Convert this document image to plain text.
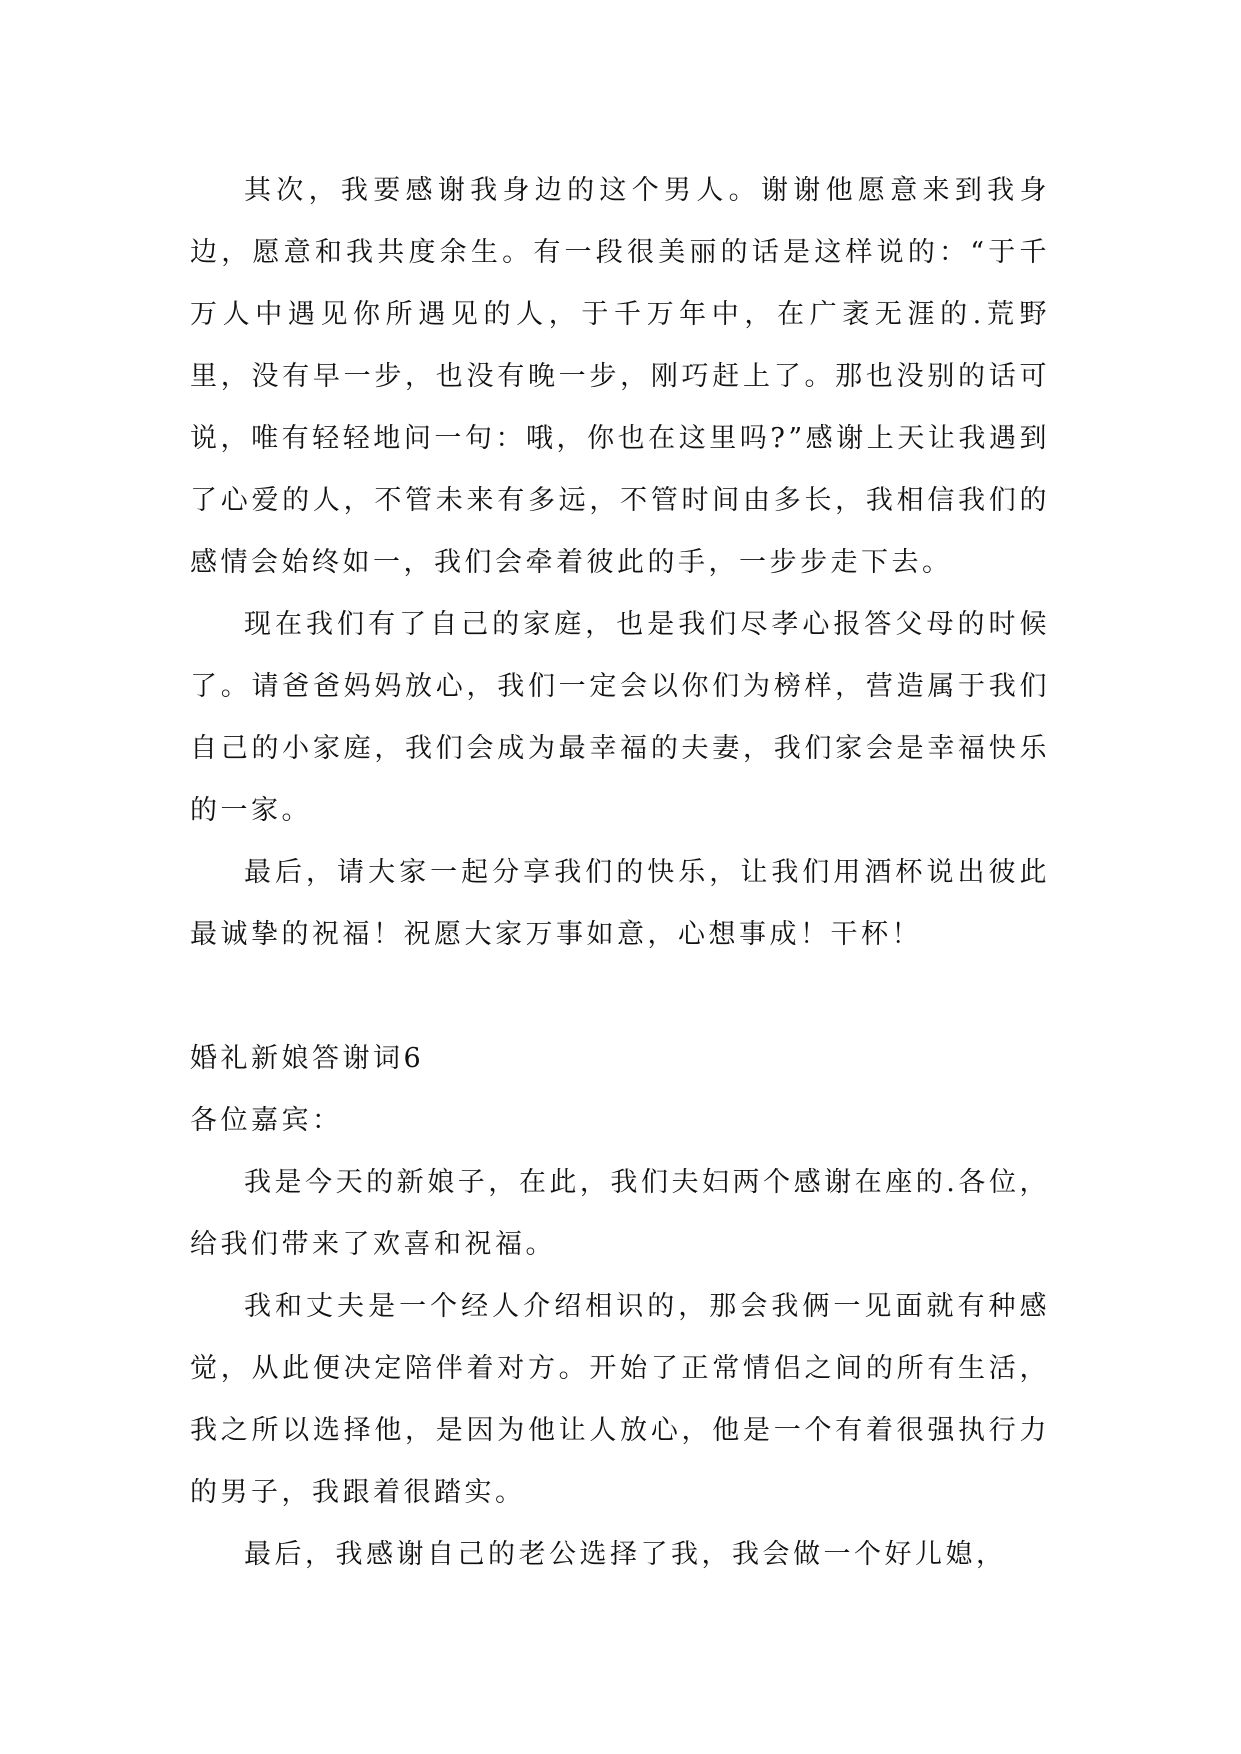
其次，我要感谢我身边的这个男人。谢谢他愿意来到我身边，愿意和我共度余生。有一段很美丽的话是这样说的：“于千万人中遇见你所遇见的人，于千万年中，在广袤无涯的.荒野里，没有早一步，也没有晚一步，刚巧赶上了。那也没别的话可说，唯有轻轻地问一句：哦，你也在这里吗?”感谢上天让我遇到了心爱的人，不管未来有多远，不管时间由多长，我相信我们的感情会始终如一，我们会牵着彼此的手，一步步走下去。

现在我们有了自己的家庭，也是我们尽孝心报答父母的时候了。请爸爸妈妈放心，我们一定会以你们为榜样，营造属于我们自己的小家庭，我们会成为最幸福的夫妻，我们家会是幸福快乐的一家。

最后，请大家一起分享我们的快乐，让我们用酒杯说出彼此最诚挚的祝福！祝愿大家万事如意，心想事成！干杯！

婚礼新娘答谢词6

各位嘉宾：

我是今天的新娘子，在此，我们夫妇两个感谢在座的.各位，给我们带来了欢喜和祝福。

我和丈夫是一个经人介绍相识的，那会我俩一见面就有种感觉，从此便决定陪伴着对方。开始了正常情侣之间的所有生活，我之所以选择他，是因为他让人放心，他是一个有着很强执行力的男子，我跟着很踏实。

最后，我感谢自己的老公选择了我，我会做一个好儿媳，
